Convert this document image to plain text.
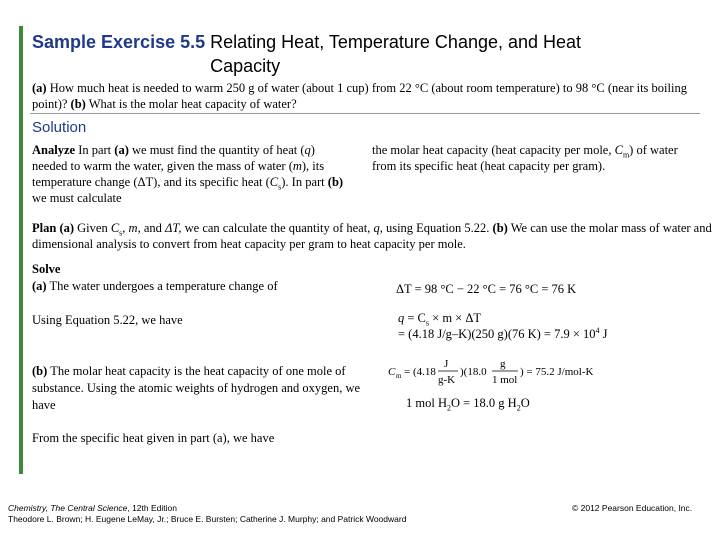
Sample Exercise 5.5 Relating Heat, Temperature Change, and Heat
Capacity
(a) How much heat is needed to warm 250 g of water (about 1 cup) from 22 °C (about room temperature) to 98 °C (near its boiling point)? (b) What is the molar heat capacity of water?
Solution
Analyze In part (a) we must find the quantity of heat (q) needed to warm the water, given the mass of water (m), its temperature change (ΔT), and its specific heat $(C_s)$. In part (b) we must calculate
the molar heat capacity (heat capacity per mole, $C_m$) of water from its specific heat (heat capacity per gram).
Plan (a) Given $C_s$, m, and ΔT, we can calculate the quantity of heat, q, using Equation 5.22. (b) We can use the molar mass of water and dimensional analysis to convert from heat capacity per gram to heat capacity per mole.
Solve
(a) The water undergoes a temperature change of	ΔT = 98 °C − 22 °C = 76 °C = 76 K
Using Equation 5.22, we have	$q = C_s \times m \times \Delta T$
= (4.18 J/g–K)(250 g)(76 $K) = 7.9 \times 10^4$ J
(b) The molar heat capacity is the heat capacity of one mole of substance. Using the atomic weights of hydrogen and oxygen, we have
C m = (4.18
J
g-K
)(18.0
g
1 mol
) = 75.2 J/mol-K
1 mol $H_2O = 18.0$ g $H_2O$
From the specific heat given in part (a), we have
Chemistry, The Central Science, 12th Edition
Theodore L. Brown; H. Eugene LeMay, Jr.; Bruce E. Bursten; Catherine J. Murphy; and Patrick Woodward
© 2012 Pearson Education, Inc.
